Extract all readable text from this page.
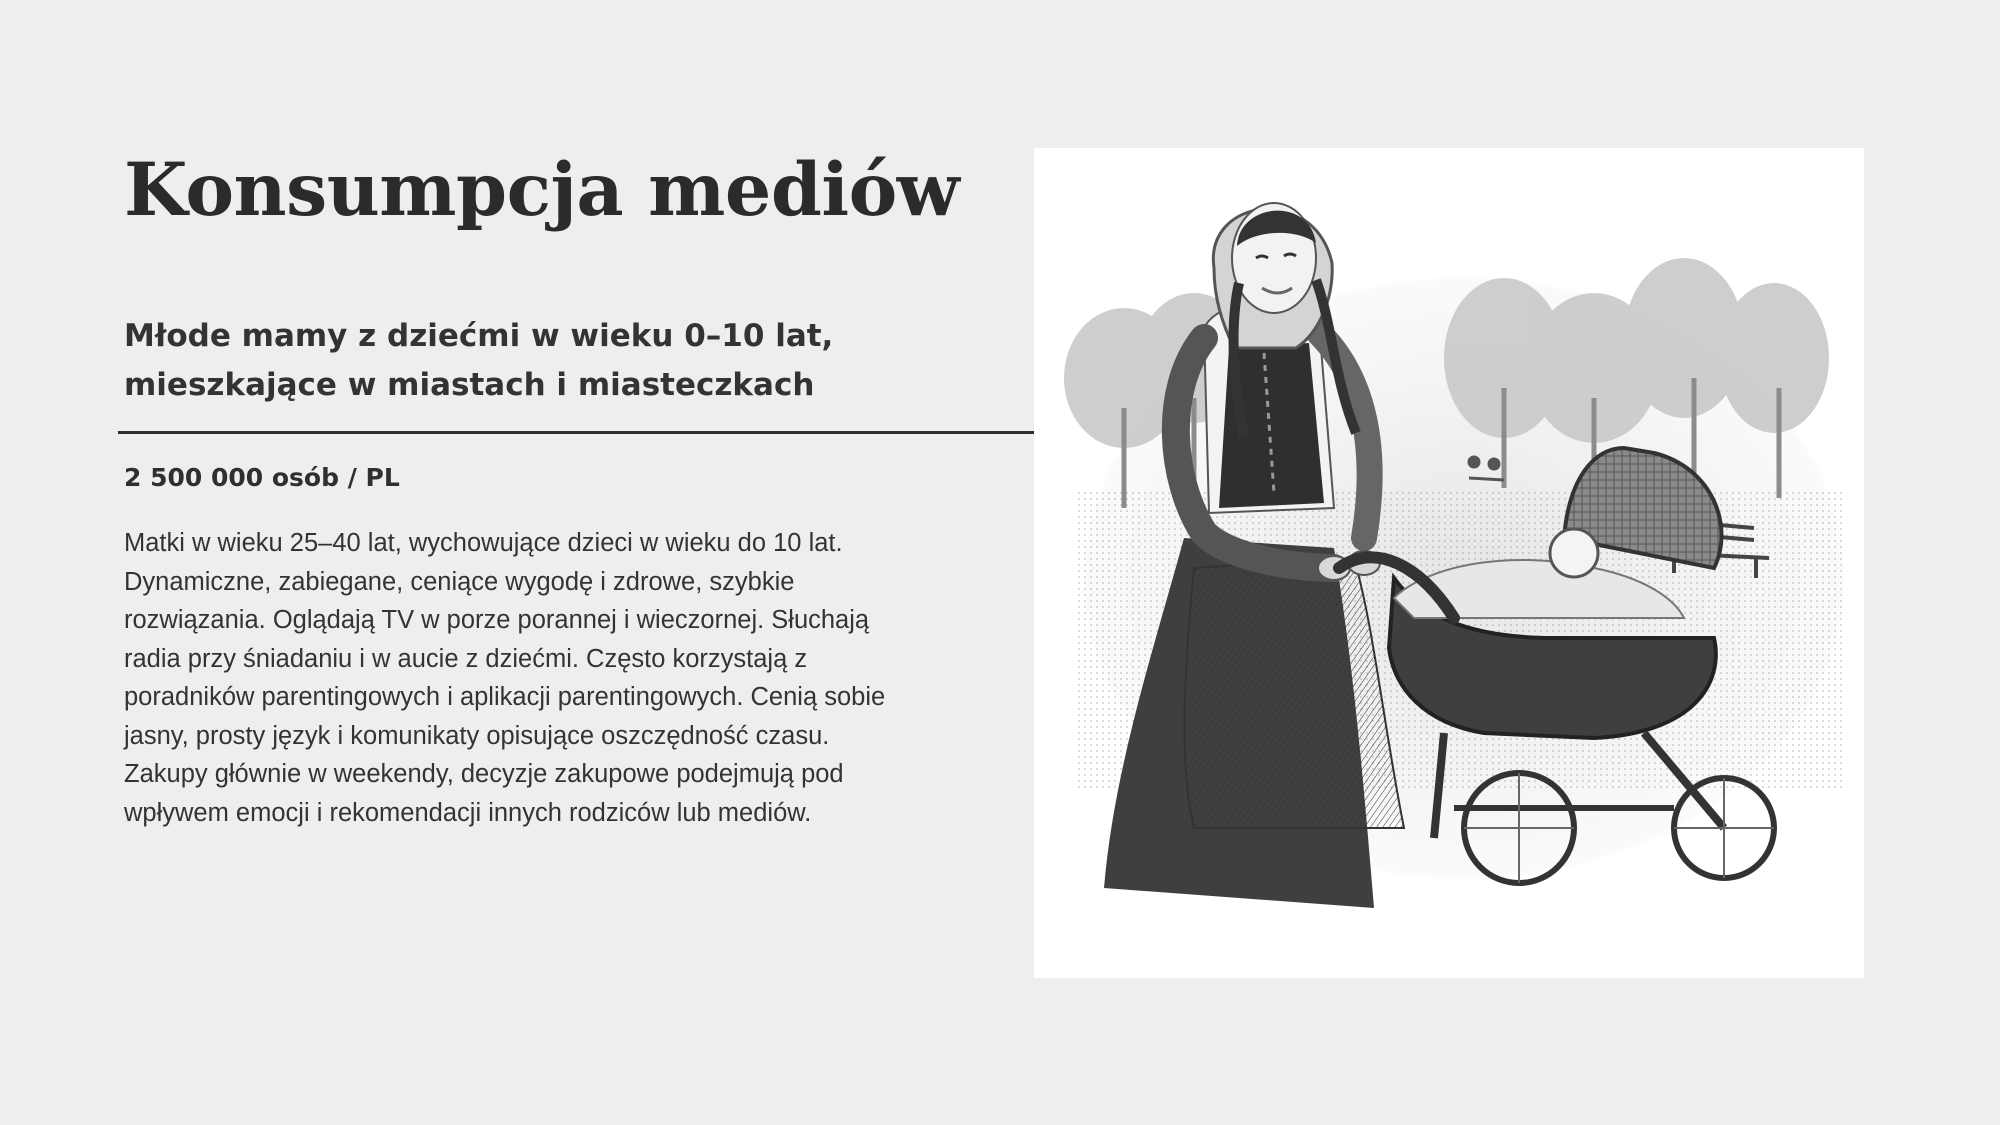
Konsumpcja mediów

Młode mamy z dziećmi w wieku 0–10 lat, mieszkające w miastach i miasteczkach

2 500 000 osób / PL

Matki w wieku 25–40 lat, wychowujące dzieci w wieku do 10 lat. Dynamiczne, zabiegane, ceniące wygodę i zdrowe, szybkie rozwiązania. Oglądają TV w porze porannej i wieczornej. Słuchają radia przy śniadaniu i w aucie z dziećmi. Często korzystają z poradników parentingowych i aplikacji parentingowych. Cenią sobie jasny, prosty język i komunikaty opisujące oszczędność czasu. Zakupy głównie w weekendy, decyzje zakupowe podejmują pod wpływem emocji i rekomendacji innych rodziców lub mediów.
